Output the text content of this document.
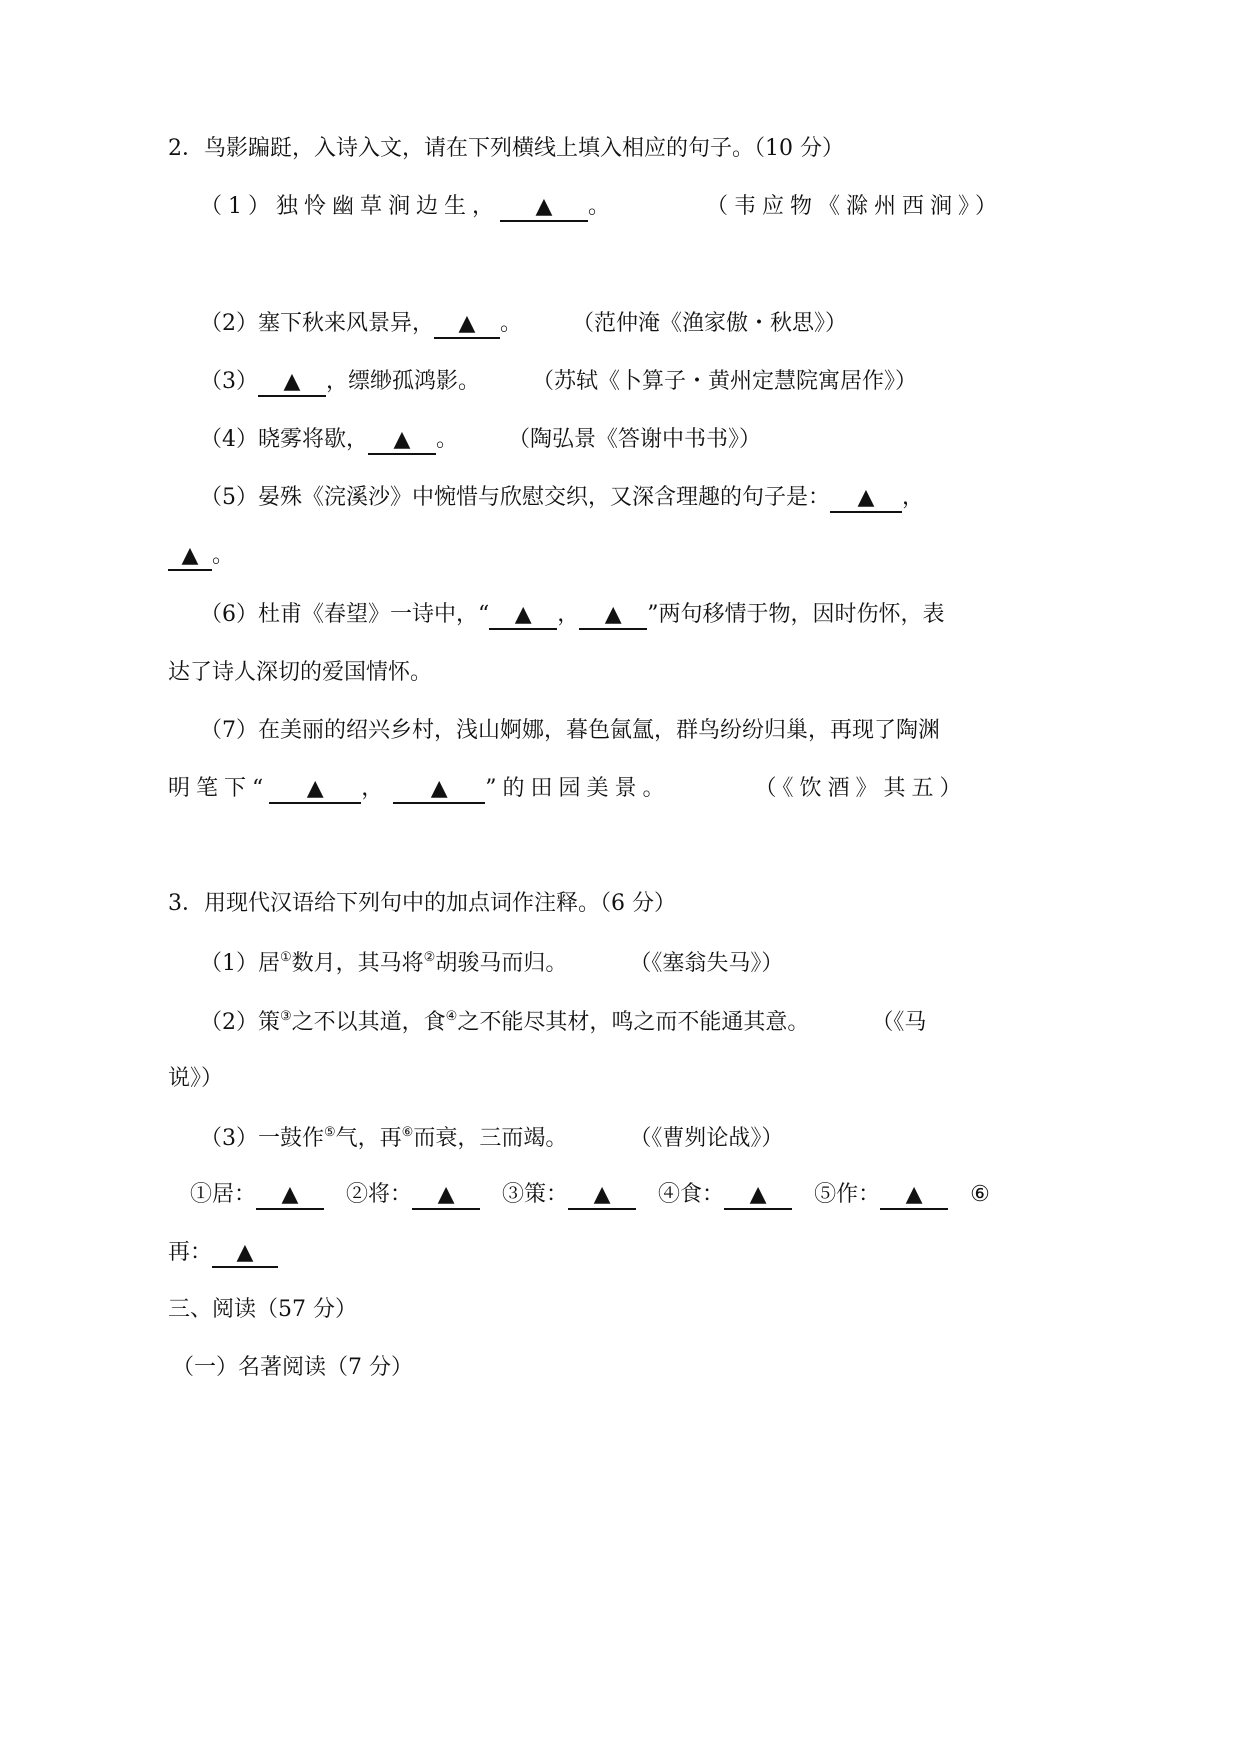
2．鸟影蹁跹，入诗入文，请在下列横线上填入相应的句子。（10 分）
（1）独怜幽草涧边生， ▲ 。	（韦应物《滁州西涧》）
（2）塞下秋来风景异， ▲ 。 （范仲淹《渔家傲・秋思》）
（3） ▲ ，缥缈孤鸿影。 （苏轼《卜算子・黄州定慧院寓居作》）
（4）晓雾将歇， ▲ 。 （陶弘景《答谢中书书》）
（5）晏殊《浣溪沙》中惋惜与欣慰交织，又深含理趣的句子是： ▲ ，
▲ 。
（6）杜甫《春望》一诗中，“ ▲ ， ▲ ”两句移情于物，因时伤怀，表
达了诗人深切的爱国情怀。
（7）在美丽的绍兴乡村，浅山婀娜，暮色氤氲，群鸟纷纷归巢，再现了陶渊
明笔下“ ▲ ， ▲ ”的田园美景。	（《饮酒》其五）
3．用现代汉语给下列句中的加点词作注释。（6 分）
（1）居①数月，其马将②胡骏马而归。	（《塞翁失马》）
（2）策③之不以其道，食④之不能尽其材，鸣之而不能通其意。	（《马
说》）
（3）一鼓作⑤气，再⑥而衰，三而竭。	（《曹刿论战》）
①居： ▲ ②将： ▲ ③策： ▲ ④食： ▲ ⑤作： ▲ ⑥
再： ▲
三、阅读（57 分）
（一）名著阅读（7 分）
